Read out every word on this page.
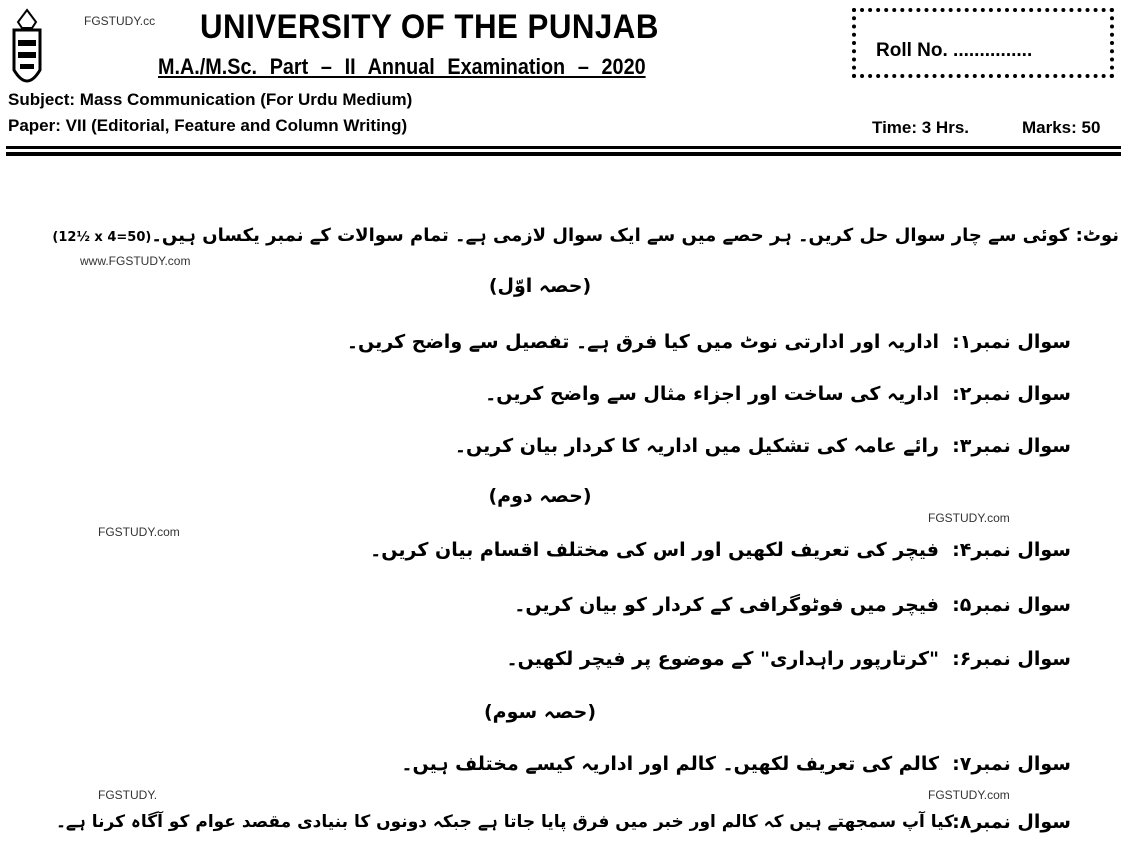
FGSTUDY.cc UNIVERSITY OF THE PUNJAB
M.A./M.Sc. Part – II Annual Examination – 2020
Roll No. ...............
Subject: Mass Communication (For Urdu Medium)
Paper: VII (Editorial, Feature and Column Writing)	Time: 3 Hrs.	Marks: 50
نوٹ: کوئی سے چار سوال حل کریں۔ ہر حصے میں سے ایک سوال لازمی ہے۔ تمام سوالات کے نمبر یکساں ہیں۔(12½ x 4=50)
www.FGSTUDY.com
(حصہ اوّل)
سوال نمبر۱:
اداریہ اور ادارتی نوٹ میں کیا فرق ہے۔ تفصیل سے واضح کریں۔
سوال نمبر۲:
اداریہ کی ساخت اور اجزاء مثال سے واضح کریں۔
سوال نمبر۳:
رائے عامہ کی تشکیل میں اداریہ کا کردار بیان کریں۔
(حصہ دوم)
FGSTUDY.com
FGSTUDY.com
سوال نمبر۴:
فیچر کی تعریف لکھیں اور اس کی مختلف اقسام بیان کریں۔
سوال نمبر۵:
فیچر میں فوٹوگرافی کے کردار کو بیان کریں۔
سوال نمبر۶:
"کرتارپور راہداری" کے موضوع پر فیچر لکھیں۔
(حصہ سوم)
سوال نمبر۷:
کالم کی تعریف لکھیں۔ کالم اور اداریہ کیسے مختلف ہیں۔
FGSTUDY.	FGSTUDY.com
سوال نمبر۸:
کیا آپ سمجھتے ہیں کہ کالم اور خبر میں فرق پایا جاتا ہے جبکہ دونوں کا بنیادی مقصد عوام کو آگاہ کرنا ہے۔
